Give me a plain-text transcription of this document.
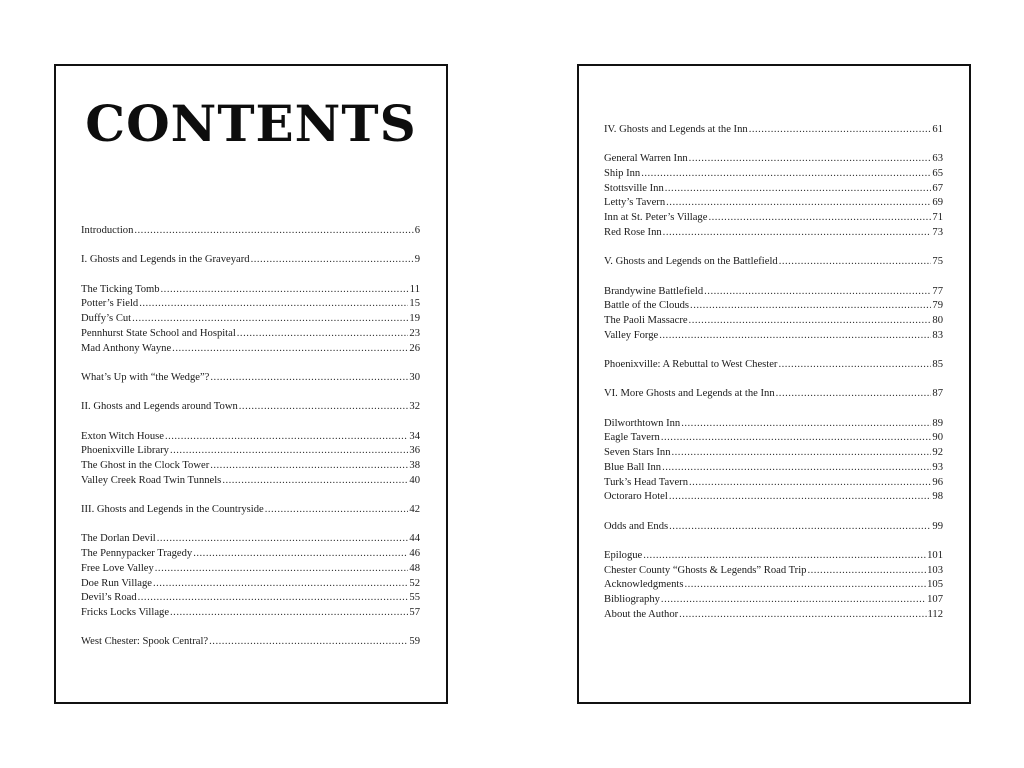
CONTENTS
Introduction .....	6
I. Ghosts and Legends in the Graveyard .....	9
The Ticking Tomb .....	11
Potter’s Field .....	15
Duffy’s Cut .....	19
Pennhurst State School and Hospital .....	23
Mad Anthony Wayne .....	26
What’s Up with “the Wedge”? .....	30
II. Ghosts and Legends around Town .....	32
Exton Witch House .....	34
Phoenixville Library .....	36
The Ghost in the Clock Tower .....	38
Valley Creek Road Twin Tunnels .....	40
III. Ghosts and Legends in the Countryside .....	42
The Dorlan Devil .....	44
The Pennypacker Tragedy .....	46
Free Love Valley .....	48
Doe Run Village .....	52
Devil’s Road .....	55
Fricks Locks Village .....	57
West Chester: Spook Central? .....	59
IV. Ghosts and Legends at the Inn .....	61
General Warren Inn .....	63
Ship Inn .....	65
Stottsville Inn .....	67
Letty’s Tavern .....	69
Inn at St. Peter’s Village .....	71
Red Rose Inn .....	73
V. Ghosts and Legends on the Battlefield .....	75
Brandywine Battlefield .....	77
Battle of the Clouds .....	79
The Paoli Massacre .....	80
Valley Forge .....	83
Phoenixville: A Rebuttal to West Chester .....	85
VI. More Ghosts and Legends at the Inn .....	87
Dilworthtown Inn .....	89
Eagle Tavern .....	90
Seven Stars Inn .....	92
Blue Ball Inn .....	93
Turk’s Head Tavern .....	96
Octoraro Hotel .....	98
Odds and Ends .....	99
Epilogue .....	101
Chester County “Ghosts & Legends” Road Trip .....	103
Acknowledgments .....	105
Bibliography .....	107
About the Author .....	112
